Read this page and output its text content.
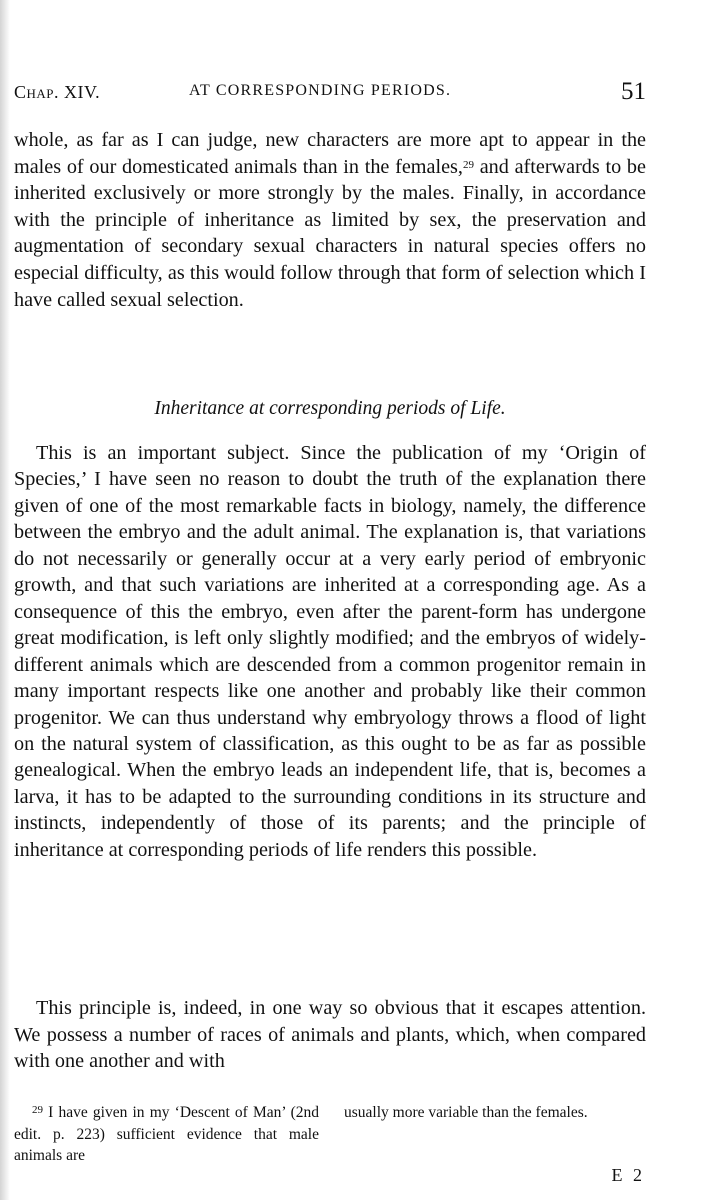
Chap. XIV.	AT CORRESPONDING PERIODS.	51

whole, as far as I can judge, new characters are more apt to appear in the males of our domesticated animals than in the females,$^{29}$ and afterwards to be inherited exclusively or more strongly by the males. Finally, in accordance with the principle of inheritance as limited by sex, the preservation and augmentation of secondary sexual characters in natural species offers no especial difficulty, as this would follow through that form of selection which I have called sexual selection.

Inheritance at corresponding periods of Life.

This is an important subject. Since the publication of my ‘Origin of Species,’ I have seen no reason to doubt the truth of the explanation there given of one of the most remarkable facts in biology, namely, the difference between the embryo and the adult animal. The explanation is, that variations do not necessarily or generally occur at a very early period of embryonic growth, and that such variations are inherited at a corresponding age. As a consequence of this the embryo, even after the parent-form has undergone great modification, is left only slightly modified; and the embryos of widely-different animals which are descended from a common progenitor remain in many important respects like one another and probably like their common progenitor. We can thus understand why embryology throws a flood of light on the natural system of classification, as this ought to be as far as possible genealogical. When the embryo leads an independent life, that is, becomes a larva, it has to be adapted to the surrounding conditions in its structure and instincts, independently of those of its parents; and the principle of inheritance at corresponding periods of life renders this possible.

This principle is, indeed, in one way so obvious that it escapes attention. We possess a number of races of animals and plants, which, when compared with one another and with

$^{29}$ I have given in my ‘Descent of Man’ (2nd edit. p. 223) sufficient evidence that male animals are
usually more variable than the females.
E 2
